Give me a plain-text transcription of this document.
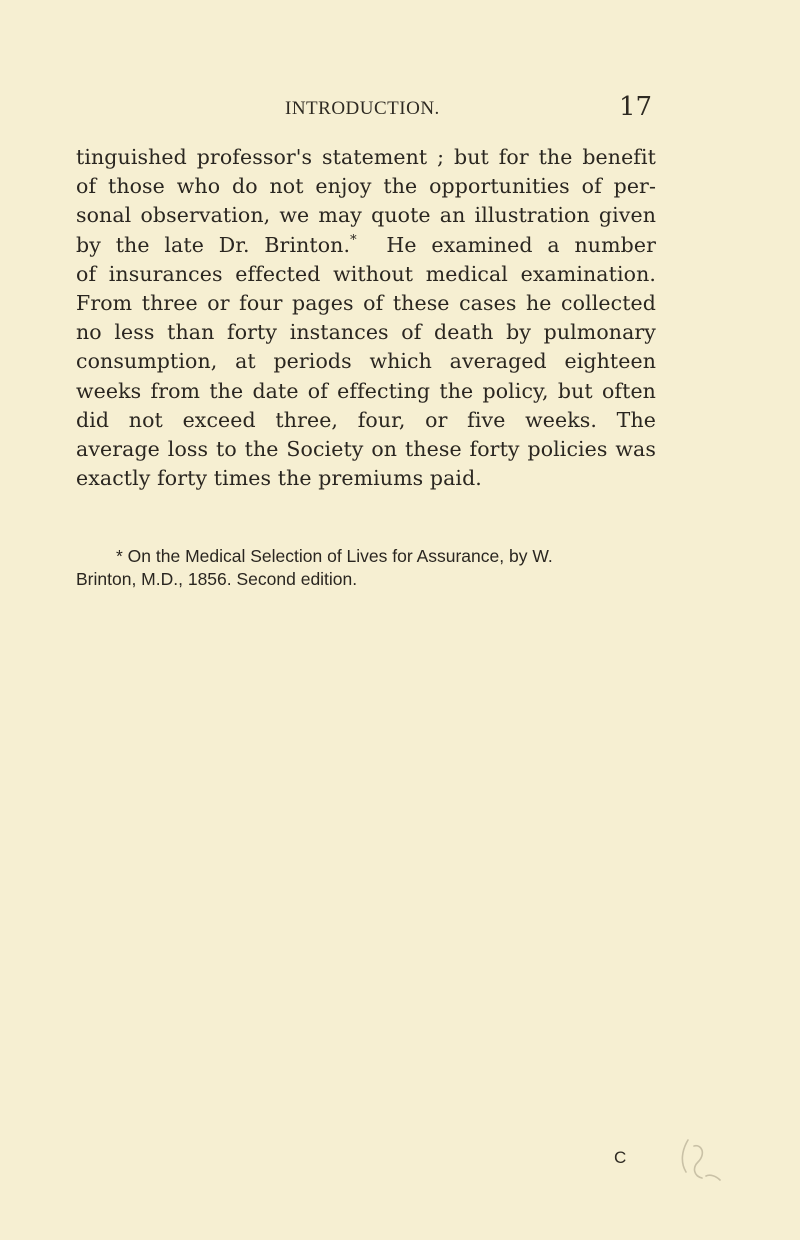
INTRODUCTION.	17
tinguished professor's statement ; but for the benefit
of those who do not enjoy the opportunities of per-
sonal observation, we may quote an illustration given
by the late Dr. Brinton.* He examined a number
of insurances effected without medical examination.
From three or four pages of these cases he collected
no less than forty instances of death by pulmonary
consumption, at periods which averaged eighteen
weeks from the date of effecting the policy, but often
did not exceed three, four, or five weeks. The
average loss to the Society on these forty policies was
exactly forty times the premiums paid.
* On the Medical Selection of Lives for Assurance, by W.
Brinton, M.D., 1856. Second edition.
C
